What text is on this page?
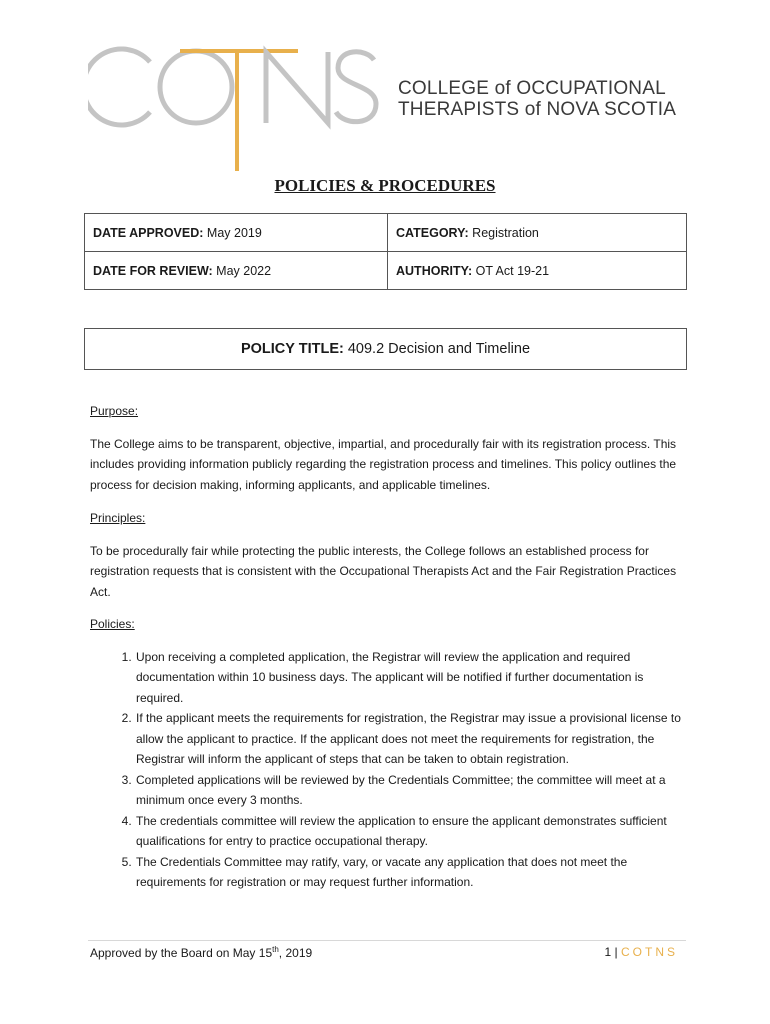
COLLEGE of OCCUPATIONAL
THERAPISTS of NOVA SCOTIA
POLICIES & PROCEDURES
DATE APPROVED: May 2019	CATEGORY: Registration
DATE FOR REVIEW: May 2022	AUTHORITY: OT Act 19-21
POLICY TITLE: 409.2 Decision and Timeline
Purpose:
The College aims to be transparent, objective, impartial, and procedurally fair with its registration process. This includes providing information publicly regarding the registration process and timelines. This policy outlines the process for decision making, informing applicants, and applicable timelines.
Principles:
To be procedurally fair while protecting the public interests, the College follows an established process for registration requests that is consistent with the Occupational Therapists Act and the Fair Registration Practices Act.
Policies:
1. Upon receiving a completed application, the Registrar will review the application and required documentation within 10 business days. The applicant will be notified if further documentation is required.
2. If the applicant meets the requirements for registration, the Registrar may issue a provisional license to allow the applicant to practice. If the applicant does not meet the requirements for registration, the Registrar will inform the applicant of steps that can be taken to obtain registration.
3. Completed applications will be reviewed by the Credentials Committee; the committee will meet at a minimum once every 3 months.
4. The credentials committee will review the application to ensure the applicant demonstrates sufficient qualifications for entry to practice occupational therapy.
5. The Credentials Committee may ratify, vary, or vacate any application that does not meet the requirements for registration or may request further information.
Approved by the Board on May 15th, 2019	1 | COTNS
